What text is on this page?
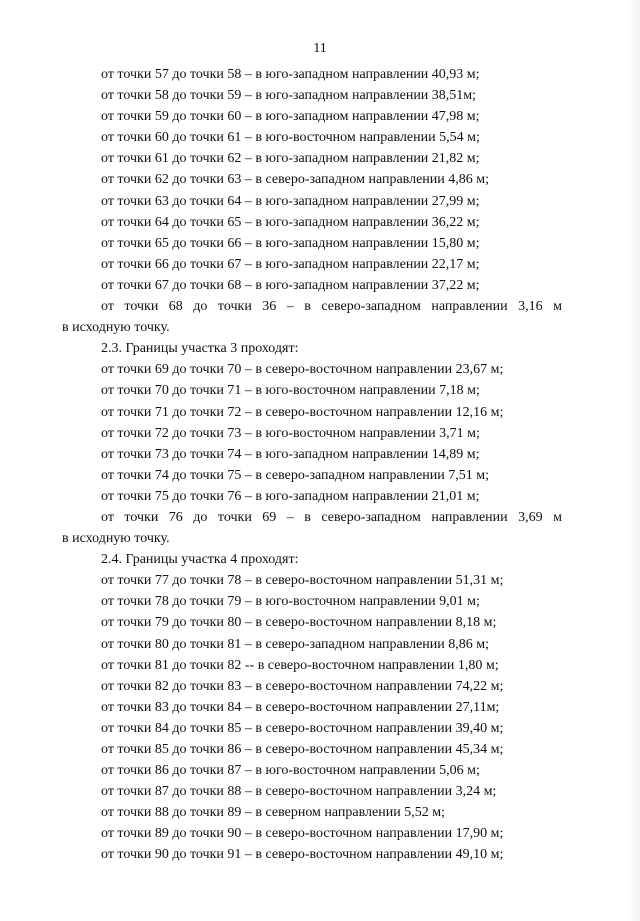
11
от точки 57 до точки 58 – в юго-западном направлении 40,93 м;
от точки 58 до точки 59 – в юго-западном направлении 38,51м;
от точки 59 до точки 60 – в юго-западном направлении 47,98 м;
от точки 60 до точки 61 – в юго-восточном направлении 5,54 м;
от точки 61 до точки 62 – в юго-западном направлении 21,82 м;
от точки 62 до точки 63 – в северо-западном направлении 4,86 м;
от точки 63 до точки 64 – в юго-западном направлении 27,99 м;
от точки 64 до точки 65 – в юго-западном направлении 36,22 м;
от точки 65 до точки 66 – в юго-западном направлении 15,80 м;
от точки 66 до точки 67 – в юго-западном направлении 22,17 м;
от точки 67 до точки 68 – в юго-западном направлении 37,22 м;
от точки 68 до точки 36 – в северо-западном направлении 3,16 м
в исходную точку.
2.3. Границы участка 3 проходят:
от точки 69 до точки 70 – в северо-восточном направлении 23,67 м;
от точки 70 до точки 71 – в юго-восточном направлении 7,18 м;
от точки 71 до точки 72 – в северо-восточном направлении 12,16 м;
от точки 72 до точки 73 – в юго-восточном направлении 3,71 м;
от точки 73 до точки 74 – в юго-западном направлении 14,89 м;
от точки 74 до точки 75 – в северо-западном направлении 7,51 м;
от точки 75 до точки 76 – в юго-западном направлении 21,01 м;
от точки 76 до точки 69 – в северо-западном направлении 3,69 м
в исходную точку.
2.4. Границы участка 4 проходят:
от точки 77 до точки 78 – в северо-восточном направлении 51,31 м;
от точки 78 до точки 79 – в юго-восточном направлении 9,01 м;
от точки 79 до точки 80 – в северо-восточном направлении 8,18 м;
от точки 80 до точки 81 – в северо-западном направлении 8,86 м;
от точки 81 до точки 82 -- в северо-восточном направлении 1,80 м;
от точки 82 до точки 83 – в северо-восточном направлении 74,22 м;
от точки 83 до точки 84 – в северо-восточном направлении 27,11м;
от точки 84 до точки 85 – в северо-восточном направлении 39,40 м;
от точки 85 до точки 86 – в северо-восточном направлении 45,34 м;
от точки 86 до точки 87 – в юго-восточном направлении 5,06 м;
от точки 87 до точки 88 – в северо-восточном направлении 3,24 м;
от точки 88 до точки 89 – в северном направлении 5,52 м;
от точки 89 до точки 90 – в северо-восточном направлении 17,90 м;
от точки 90 до точки 91 – в северо-восточном направлении 49,10 м;
